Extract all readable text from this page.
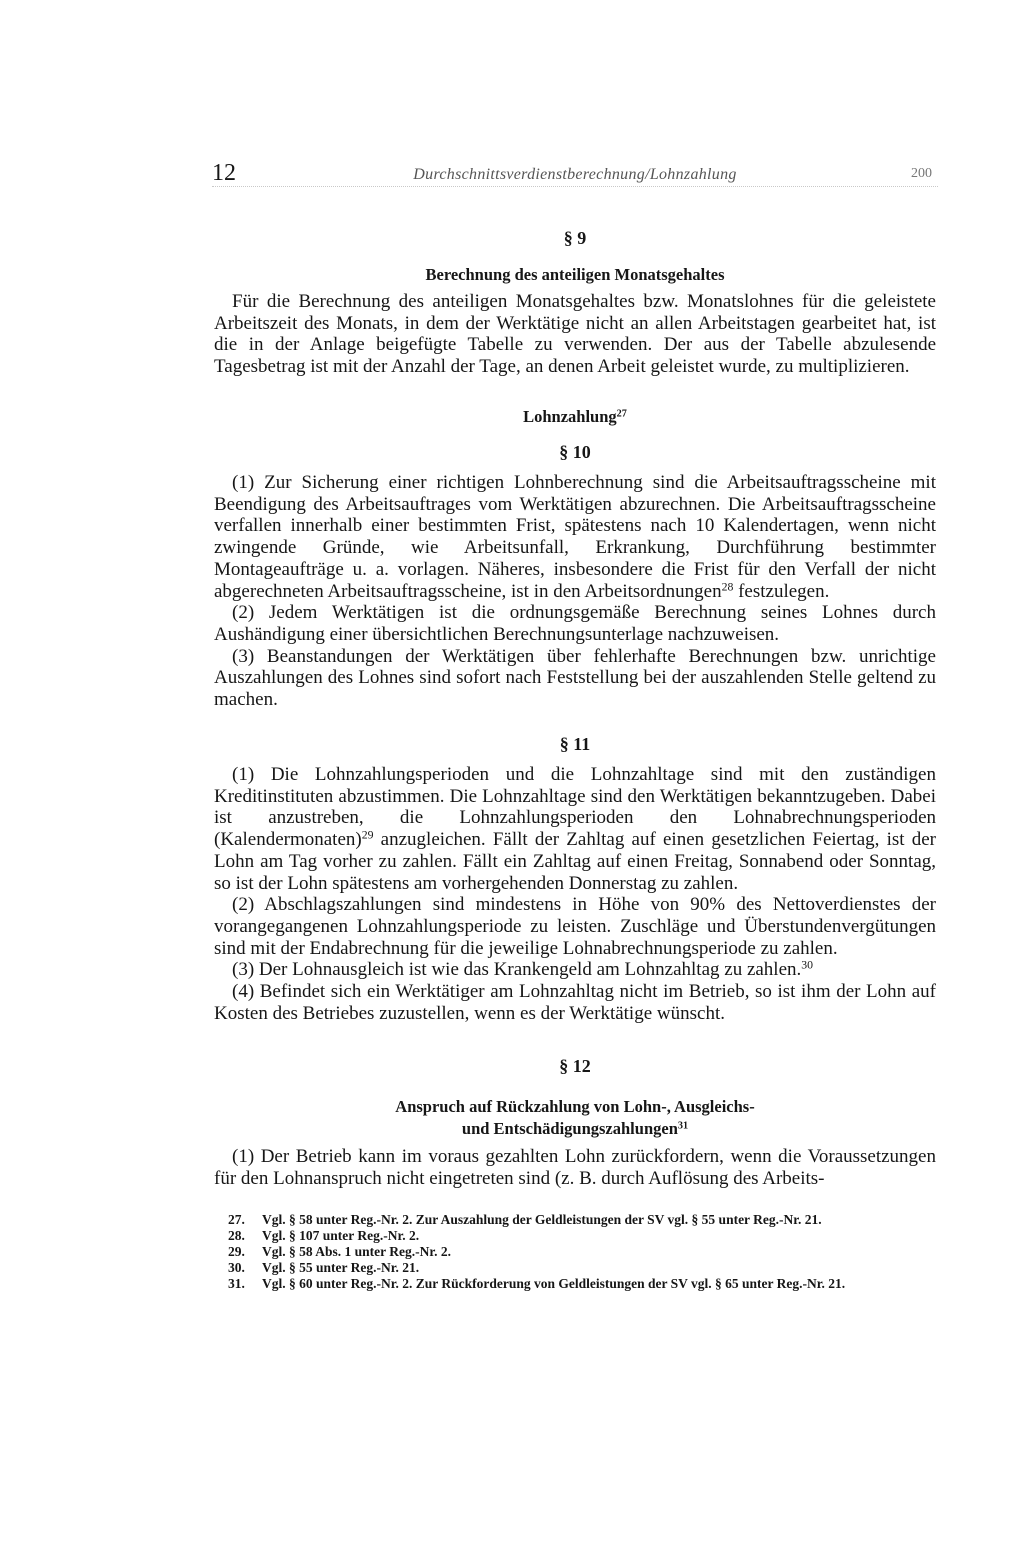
12	Durchschnittsverdienstberechnung/Lohnzahlung	200
§ 9
Berechnung des anteiligen Monatsgehaltes

Für die Berechnung des anteiligen Monatsgehaltes bzw. Monatslohnes für die geleistete Arbeitszeit des Monats, in dem der Werktätige nicht an allen Arbeitstagen gearbeitet hat, ist die in der Anlage beigefügte Tabelle zu verwenden. Der aus der Tabelle abzulesende Tagesbetrag ist mit der Anzahl der Tage, an denen Arbeit geleistet wurde, zu multiplizieren.

Lohnzahlung$^{27}$
§ 10

(1) Zur Sicherung einer richtigen Lohnberechnung sind die Arbeitsauftragsscheine mit Beendigung des Arbeitsauftrages vom Werktätigen abzurechnen. Die Arbeitsauftragsscheine verfallen innerhalb einer bestimmten Frist, spätestens nach 10 Kalendertagen, wenn nicht zwingende Gründe, wie Arbeitsunfall, Erkrankung, Durchführung bestimmter Montageaufträge u. a. vorlagen. Näheres, insbesondere die Frist für den Verfall der nicht abgerechneten Arbeitsauftragsscheine, ist in den Arbeitsordnungen$^{28}$ festzulegen.

(2) Jedem Werktätigen ist die ordnungsgemäße Berechnung seines Lohnes durch Aushändigung einer übersichtlichen Berechnungsunterlage nachzuweisen.

(3) Beanstandungen der Werktätigen über fehlerhafte Berechnungen bzw. unrichtige Auszahlungen des Lohnes sind sofort nach Feststellung bei der auszahlenden Stelle geltend zu machen.

§ 11

(1) Die Lohnzahlungsperioden und die Lohnzahltage sind mit den zuständigen Kreditinstituten abzustimmen. Die Lohnzahltage sind den Werktätigen bekanntzugeben. Dabei ist anzustreben, die Lohnzahlungsperioden den Lohnabrechnungsperioden (Kalendermonaten)$^{29}$ anzugleichen. Fällt der Zahltag auf einen gesetzlichen Feiertag, ist der Lohn am Tag vorher zu zahlen. Fällt ein Zahltag auf einen Freitag, Sonnabend oder Sonntag, so ist der Lohn spätestens am vorhergehenden Donnerstag zu zahlen.

(2) Abschlagszahlungen sind mindestens in Höhe von 90% des Nettoverdienstes der vorangegangenen Lohnzahlungsperiode zu leisten. Zuschläge und Überstundenvergütungen sind mit der Endabrechnung für die jeweilige Lohnabrechnungsperiode zu zahlen.

(3) Der Lohnausgleich ist wie das Krankengeld am Lohnzahltag zu zahlen.$^{30}$

(4) Befindet sich ein Werktätiger am Lohnzahltag nicht im Betrieb, so ist ihm der Lohn auf Kosten des Betriebes zuzustellen, wenn es der Werktätige wünscht.

§ 12
Anspruch auf Rückzahlung von Lohn-, Ausgleichs-
und Entschädigungszahlungen$^{31}$

(1) Der Betrieb kann im voraus gezahlten Lohn zurückfordern, wenn die Voraussetzungen für den Lohnanspruch nicht eingetreten sind (z. B. durch Auflösung des Arbeits-

27.	Vgl. § 58 unter Reg.-Nr. 2. Zur Auszahlung der Geldleistungen der SV vgl. § 55 unter Reg.-Nr. 21.
28.	Vgl. § 107 unter Reg.-Nr. 2.
29.	Vgl. § 58 Abs. 1 unter Reg.-Nr. 2.
30.	Vgl. § 55 unter Reg.-Nr. 21.
31.	Vgl. § 60 unter Reg.-Nr. 2. Zur Rückforderung von Geldleistungen der SV vgl. § 65 unter Reg.-Nr. 21.
